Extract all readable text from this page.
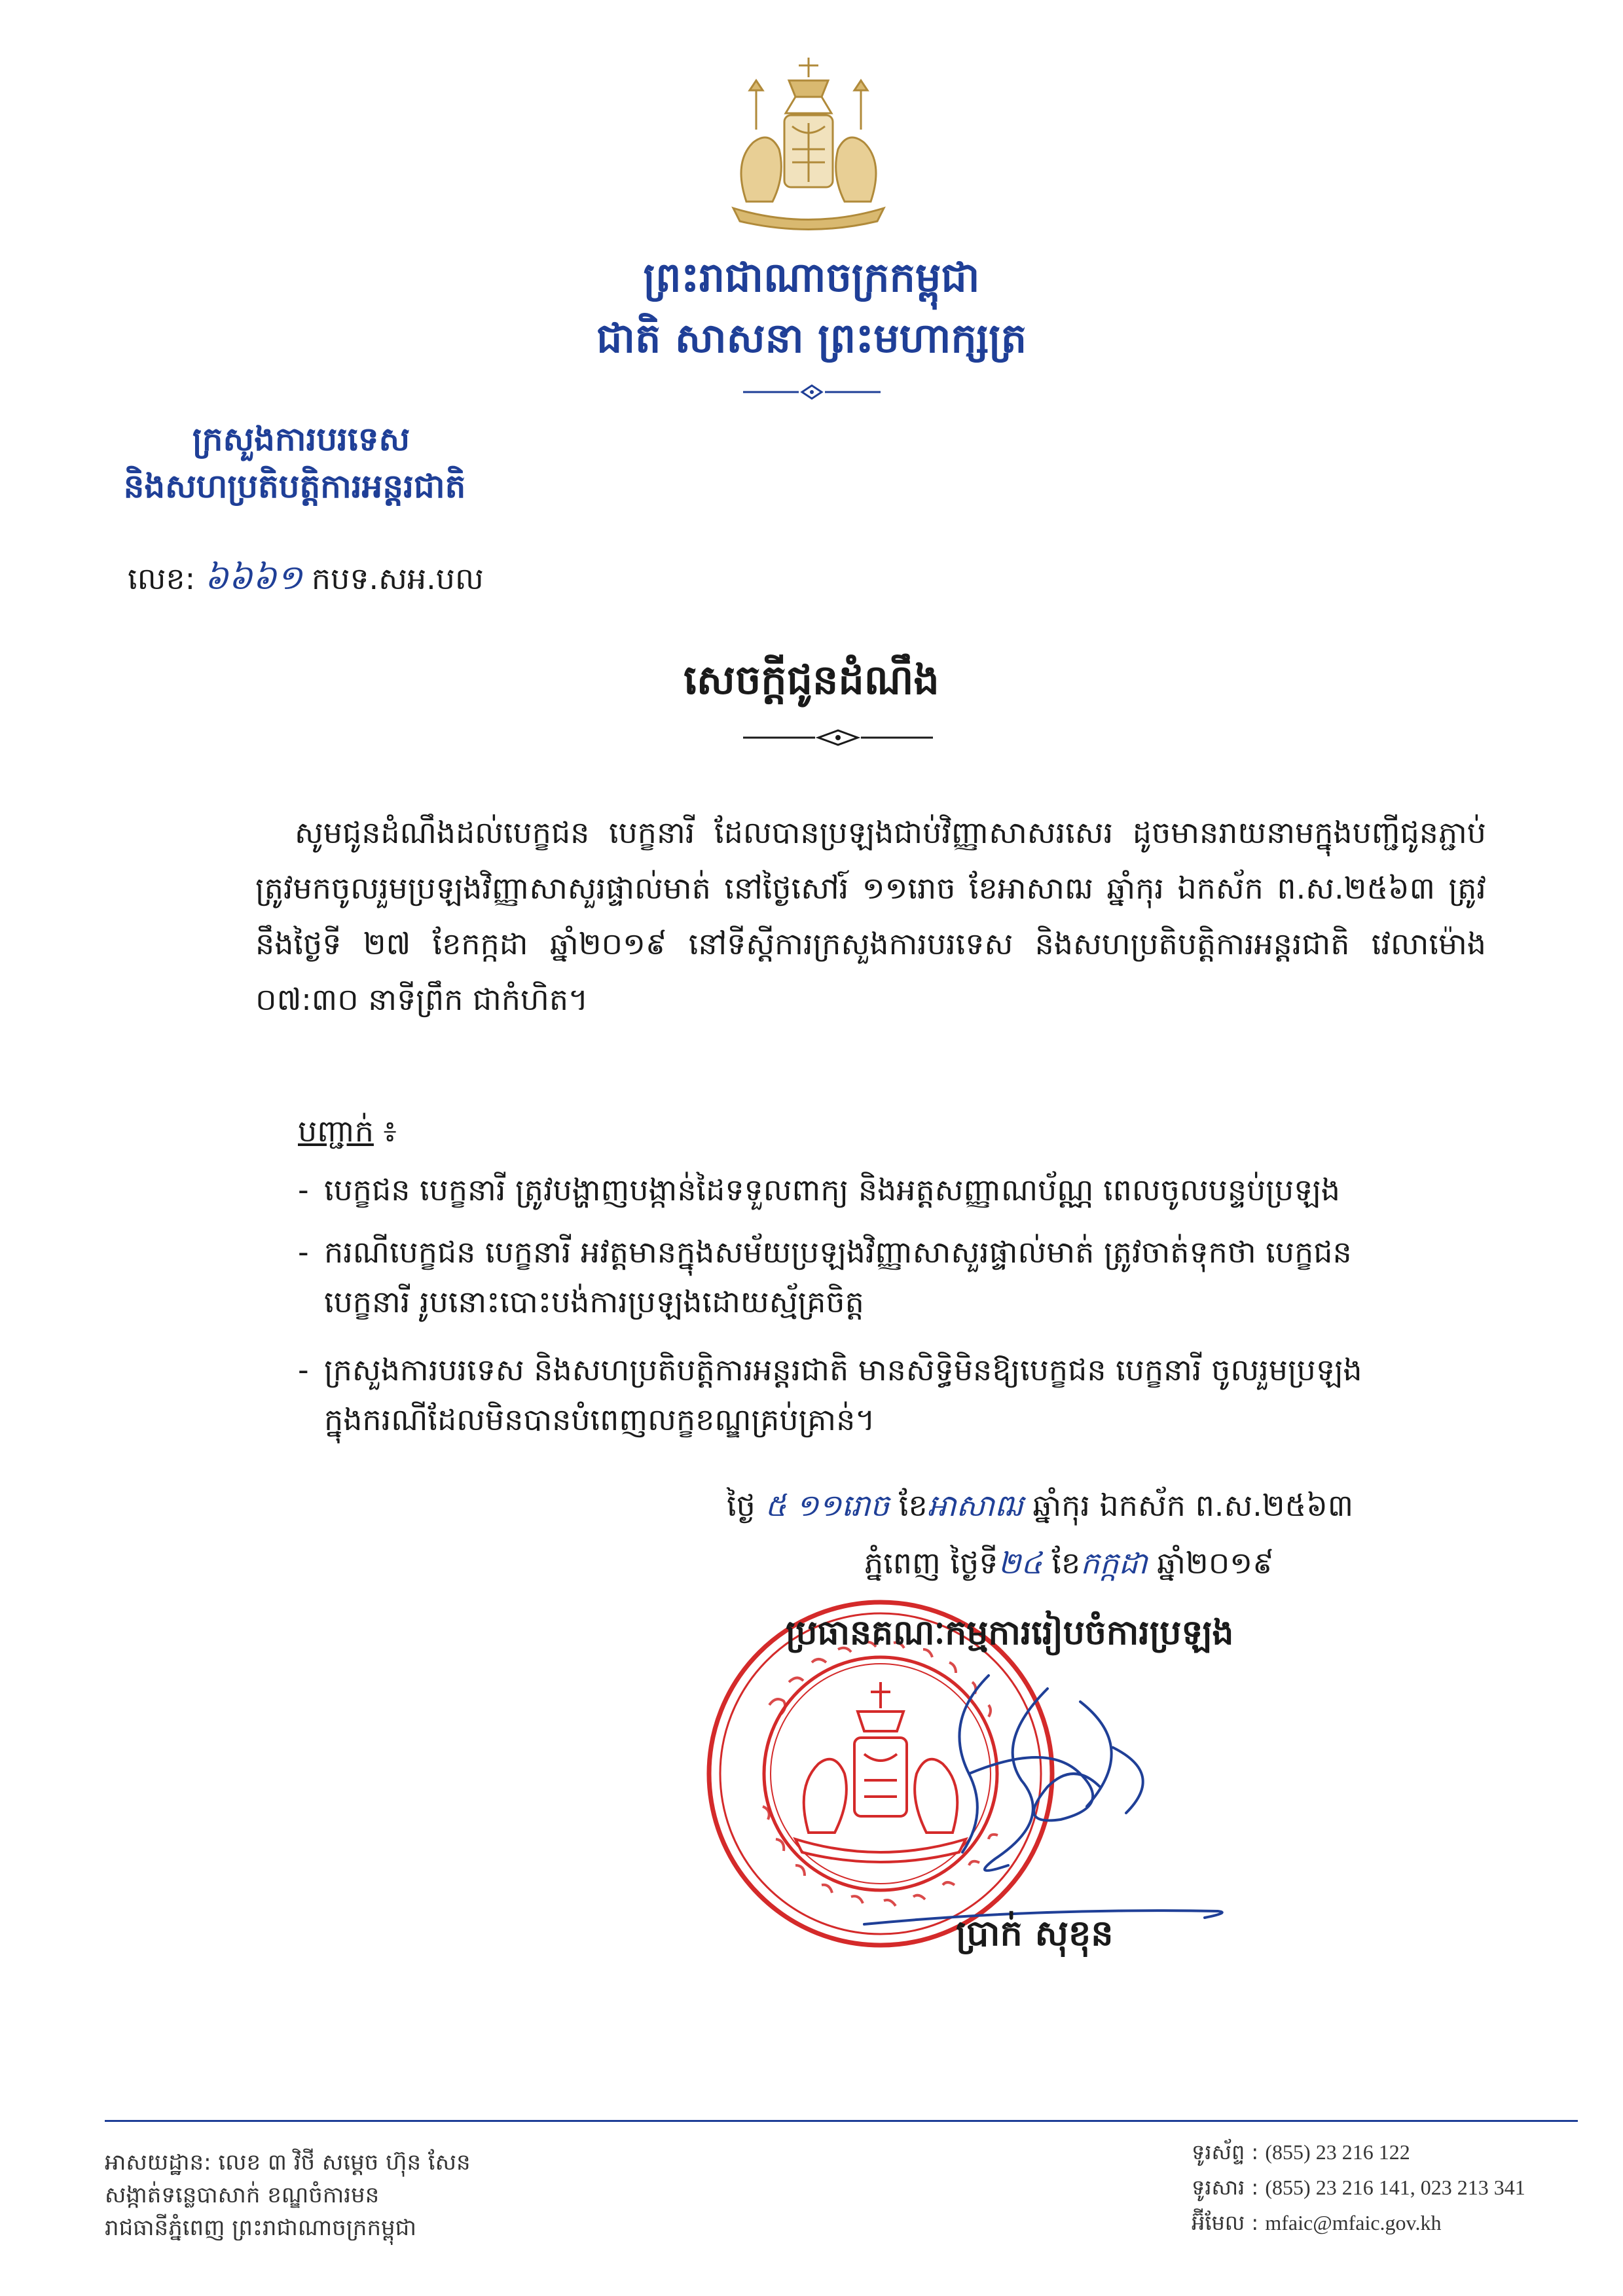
ព្រះរាជាណាចក្រកម្ពុជា
ជាតិ សាសនា ព្រះមហាក្សត្រ
ក្រសួងការបរទេស
និងសហប្រតិបត្តិការអន្តរជាតិ
លេខ: ៦៦៦១ កបទ.សអ.បល
សេចក្តីជូនដំណឹង
សូមជូនដំណឹងដល់បេក្ខជន បេក្ខនារី ដែលបានប្រឡងជាប់វិញ្ញាសាសរសេរ ដូចមានរាយនាមក្នុងបញ្ជីជូនភ្ជាប់ ត្រូវមកចូលរួមប្រឡងវិញ្ញាសាសួរផ្ទាល់មាត់ នៅថ្ងៃសៅរ៍ ១១រោច ខែអាសាឍ ឆ្នាំកុរ ឯកស័ក ព.ស.២៥៦៣ ត្រូវនឹងថ្ងៃទី ២៧ ខែកក្កដា ឆ្នាំ២០១៩ នៅទីស្តីការក្រសួងការបរទេស និងសហប្រតិបត្តិការអន្តរជាតិ វេលាម៉ោង ០៧:៣០ នាទីព្រឹក ជាកំហិត។
បញ្ជាក់ ៖
- បេក្ខជន បេក្ខនារី ត្រូវបង្ហាញបង្កាន់ដៃទទួលពាក្យ និងអត្តសញ្ញាណប័ណ្ណ ពេលចូលបន្ទប់ប្រឡង
- ករណីបេក្ខជន បេក្ខនារី អវត្តមានក្នុងសម័យប្រឡងវិញ្ញាសាសួរផ្ទាល់មាត់ ត្រូវចាត់ទុកថា បេក្ខជន
បេក្ខនារី រូបនោះបោះបង់ការប្រឡងដោយស្ម័គ្រចិត្ត
- ក្រសួងការបរទេស និងសហប្រតិបត្តិការអន្តរជាតិ មានសិទ្ធិមិនឱ្យបេក្ខជន បេក្ខនារី ចូលរួមប្រឡង
ក្នុងករណីដែលមិនបានបំពេញលក្ខខណ្ឌគ្រប់គ្រាន់។
ថ្ងៃ ៥ ១១រោច ខែអាសាឍ ឆ្នាំកុរ ឯកស័ក ព.ស.២៥៦៣
ភ្នំពេញ ថ្ងៃទី២៤ ខែកក្កដា ឆ្នាំ២០១៩
ប្រធានគណៈកម្មការរៀបចំការប្រឡង
ប្រាក់ សុខុន
អាសយដ្ឋាន: លេខ ៣ វិថី សម្តេច ហ៊ុន សែន
សង្កាត់ទន្លេបាសាក់ ខណ្ឌចំការមន
រាជធានីភ្នំពេញ ព្រះរាជាណាចក្រកម្ពុជា
ទូរស័ព្ទ : (855) 23 216 122
ទូរសារ : (855) 23 216 141, 023 213 341
អ៊ីមែល : mfaic@mfaic.gov.kh
